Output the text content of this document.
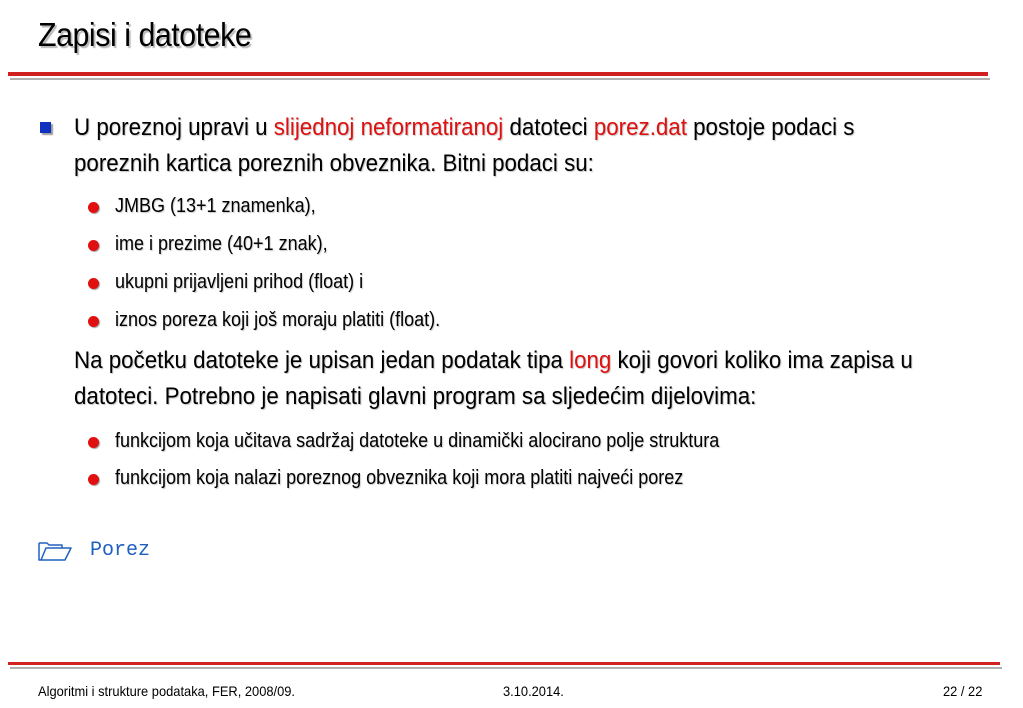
Zapisi i datoteke
U poreznoj upravi u slijednoj neformatiranoj datoteci porez.dat postoje podaci s poreznih kartica poreznih obveznika. Bitni podaci su:
JMBG (13+1 znamenka),
ime i prezime (40+1 znak),
ukupni prijavljeni prihod (float) i
iznos poreza koji još moraju platiti (float).
Na početku datoteke je upisan jedan podatak tipa long koji govori koliko ima zapisa u datoteci. Potrebno je napisati glavni program sa sljedećim dijelovima:
funkcijom koja učitava sadržaj datoteke u dinamički alocirano polje struktura
funkcijom koja nalazi poreznog obveznika koji mora platiti najveći porez
Porez
Algoritmi i strukture podataka, FER, 2008/09.	3.10.2014.	22 / 22
